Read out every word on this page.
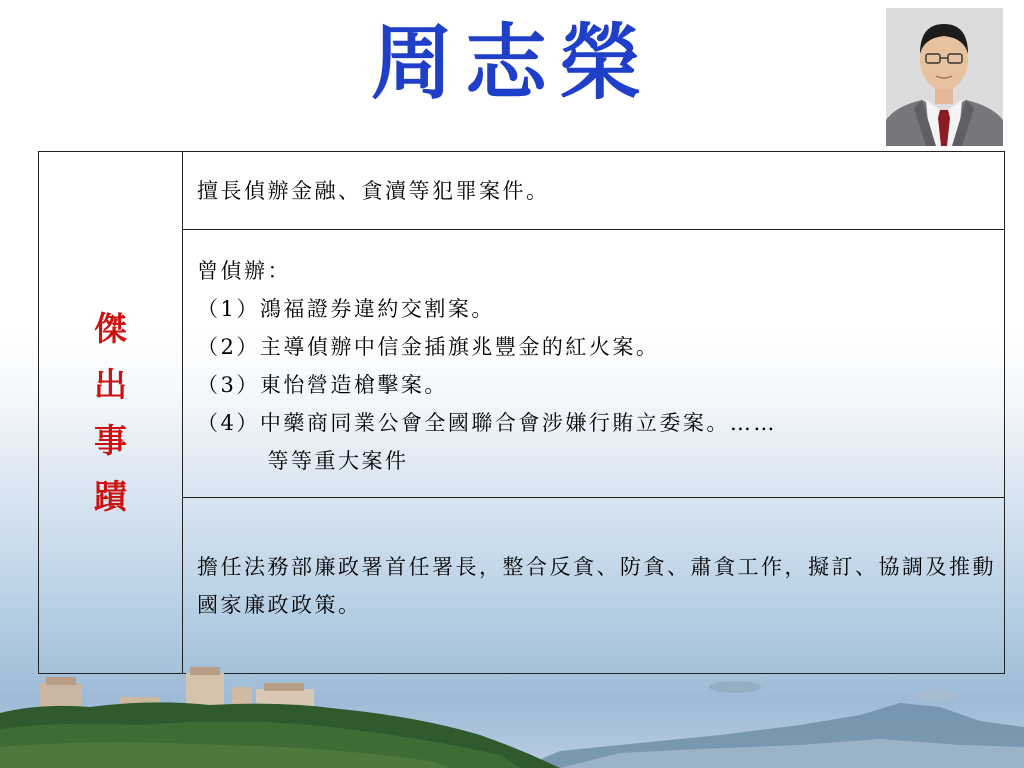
周志榮
傑出事蹟	
擅長偵辦金融、貪瀆等犯罪案件。

曾偵辦：
（1）鴻福證券違約交割案。
（2）主導偵辦中信金插旗兆豐金的紅火案。
（3）東怡營造槍擊案。
（4）中藥商同業公會全國聯合會涉嫌行賄立委案。……
　　　等等重大案件

擔任法務部廉政署首任署長，整合反貪、防貪、肅貪工作，擬訂、協調及推動國家廉政政策。
